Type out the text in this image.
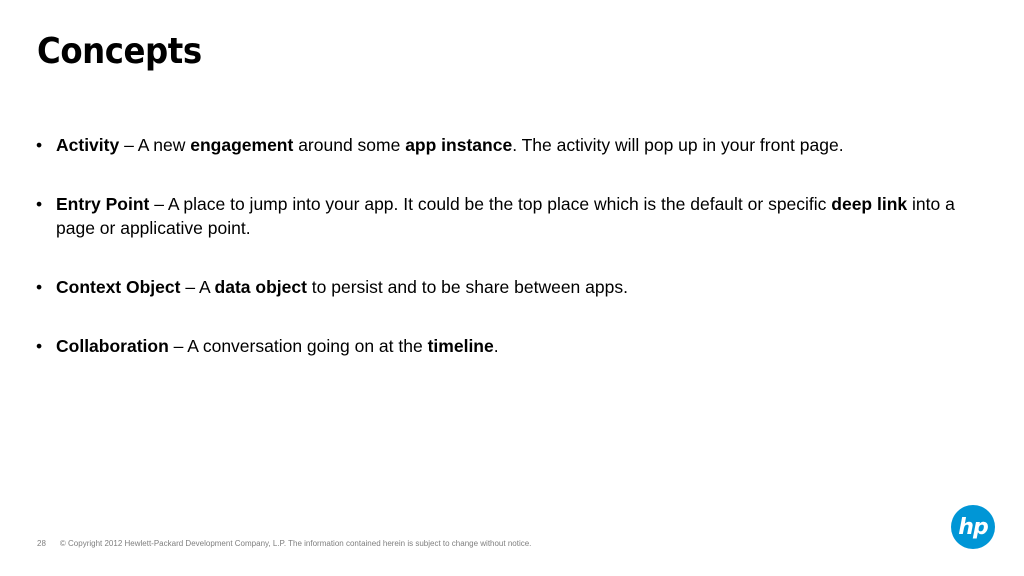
Concepts
• Activity – A new engagement around some app instance. The activity will pop up in your front page.
• Entry Point – A place to jump into your app. It could be the top place which is the default or specific deep link into a page or applicative point.
• Context Object – A data object to persist and to be share between apps.
• Collaboration – A conversation going on at the timeline.
28 © Copyright 2012 Hewlett-Packard Development Company, L.P. The information contained herein is subject to change without notice.
hp
